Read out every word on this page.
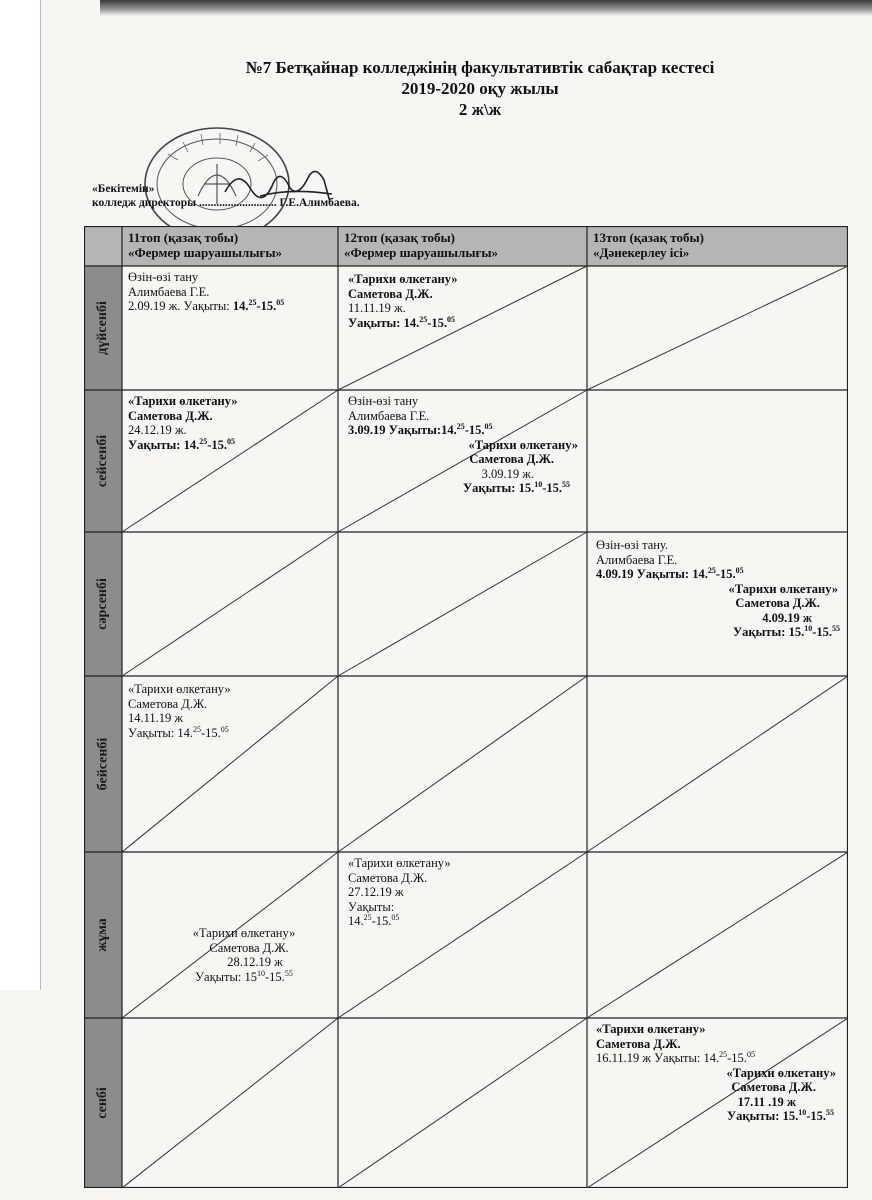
№7 Бетқайнар колледжінің факультативтік сабақтар кестесі
2019-2020 оқу жылы
2 ж\ж
«Бекітемін»
колледж директоры ........................... Г.Е.Алимбаева.
11топ (қазақ тобы)
«Фермер шаруашылығы»
12топ (қазақ тобы)
«Фермер шаруашылығы»
13топ (қазақ тобы)
«Дәнекерлеу ісі»
дүйсенбі
сейсенбі
сәрсенбі
бейсенбі
жұма
сенбі
Өзін-өзі тану
Алимбаева Г.Е.
2.09.19 ж. Уақыты: 14.25-15.05
«Тарихи өлкетану»
Саметова Д.Ж.
11.11.19 ж.
Уақыты: 14.25-15.05
«Тарихи өлкетану»
Саметова Д.Ж.
24.12.19 ж.
Уақыты: 14.25-15.05
Өзін-өзі тану
Алимбаева Г.Е.
3.09.19 Уақыты:14.25-15.05
«Тарихи өлкетану»
Саметова Д.Ж.
3.09.19 ж.
Уақыты: 15.10-15.55
Өзін-өзі тану.
Алимбаева Г.Е.
4.09.19 Уақыты: 14.25-15.05
«Тарихи өлкетану»
Саметова Д.Ж.
4.09.19 ж
Уақыты: 15.10-15.55
«Тарихи өлкетану»
Саметова Д.Ж.
14.11.19 ж
Уақыты: 14.25-15.05
«Тарихи өлкетану»
Саметова Д.Ж.
28.12.19 ж
Уақыты: $15^{10}-15.55$
«Тарихи өлкетану»
Саметова Д.Ж.
27.12.19 ж
Уақыты:
14.25-15.05
«Тарихи өлкетану»
Саметова Д.Ж.
16.11.19 ж Уақыты: 14.25-15.05
«Тарихи өлкетану»
Саметова Д.Ж.
17.11 .19 ж
Уақыты: 15.10-15.55
